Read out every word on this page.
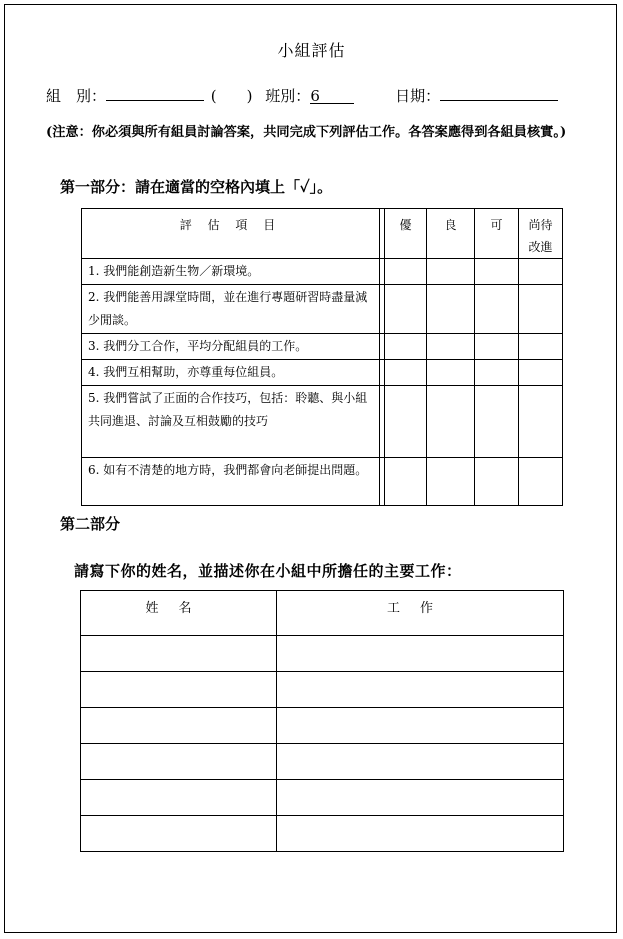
小組評估
組　別：	( ) 班別：6	日期：
(注意：你必須與所有組員討論答案，共同完成下列評估工作。各答案應得到各組員核實。)
第一部分：請在適當的空格內填上「✓」。
評 估 項 目		優	良	可	尚待改進
1. 我們能創造新生物／新環境。					
2. 我們能善用課堂時間，並在進行專題研習時盡量減少閒談。					
3. 我們分工合作，平均分配組員的工作。					
4. 我們互相幫助，亦尊重每位組員。					
5. 我們嘗試了正面的合作技巧，包括：聆聽、與小組共同進退、討論及互相鼓勵的技巧					
6. 如有不清楚的地方時，我們都會向老師提出問題。					
第二部分
請寫下你的姓名，並描述你在小組中所擔任的主要工作：
姓名	工作
